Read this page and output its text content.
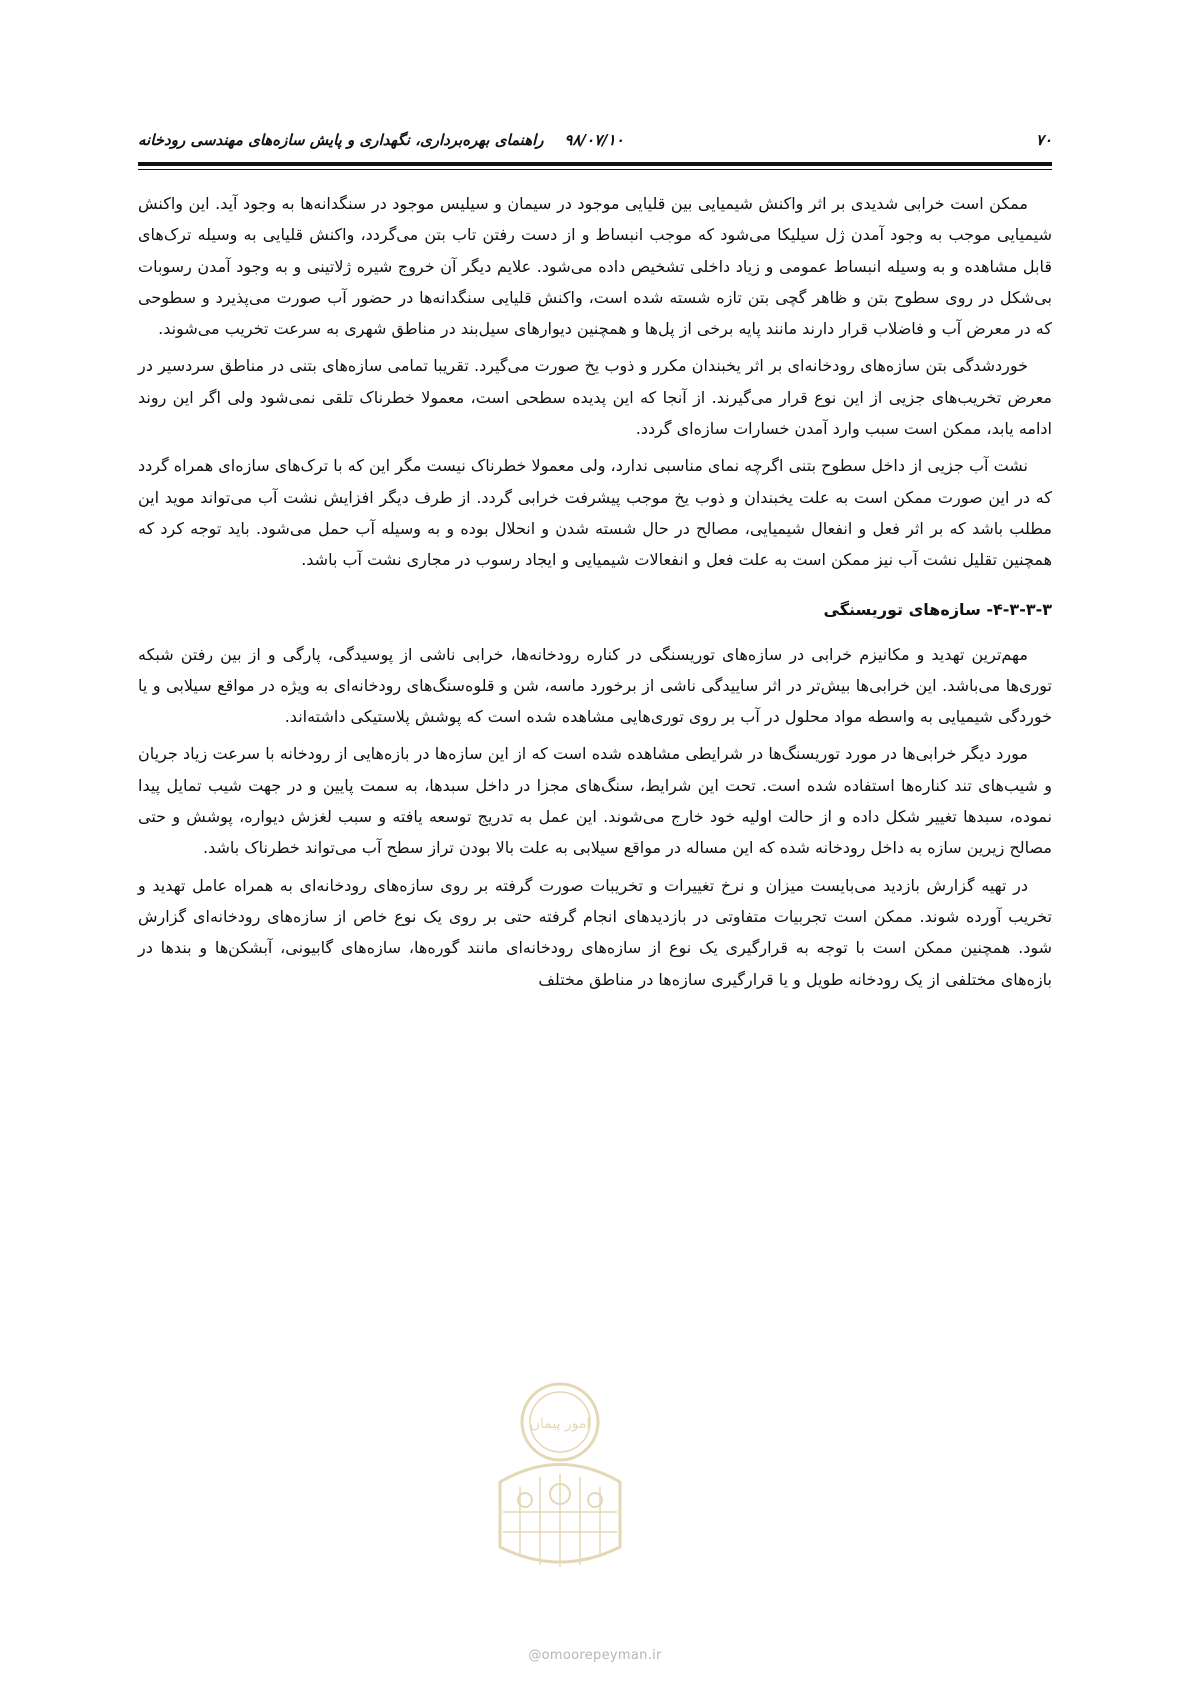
۷۰
۹۸/۰۷/۱۰    راهنمای بهره‌برداری، نگهداری و پایش سازه‌های مهندسی رودخانه

ممکن است خرابی شدیدی بر اثر واکنش شیمیایی بین قلیایی موجود در سیمان و سیلیس موجود در سنگدانه‌ها به وجود آید. این واکنش شیمیایی موجب به وجود آمدن ژل سیلیکا می‌شود که موجب انبساط و از دست رفتن تاب بتن می‌گردد، واکنش قلیایی به وسیله ترک‌های قابل مشاهده و به وسیله انبساط عمومی و زیاد داخلی تشخیص داده می‌شود. علایم دیگر آن خروج شیره ژلاتینی و به وجود آمدن رسوبات بی‌شکل در روی سطوح بتن و ظاهر گچی بتن تازه شسته شده است، واکنش قلیایی سنگدانه‌ها در حضور آب صورت می‌پذیرد و سطوحی که در معرض آب و فاضلاب قرار دارند مانند پایه برخی از پل‌ها و همچنین دیوارهای سیل‌بند در مناطق شهری به سرعت تخریب می‌شوند.

خوردشدگی بتن سازه‌های رودخانه‌ای بر اثر یخبندان مکرر و ذوب یخ صورت می‌گیرد. تقریبا تمامی سازه‌های بتنی در مناطق سردسیر در معرض تخریب‌های جزیی از این نوع قرار می‌گیرند. از آنجا که این پدیده سطحی است، معمولا خطرناک تلقی نمی‌شود ولی اگر این روند ادامه یابد، ممکن است سبب وارد آمدن خسارات سازه‌ای گردد.

نشت آب جزیی از داخل سطوح بتنی اگرچه نمای مناسبی ندارد، ولی معمولا خطرناک نیست مگر این که با ترک‌های سازه‌ای همراه گردد که در این صورت ممکن است به علت یخبندان و ذوب یخ موجب پیشرفت خرابی گردد. از طرف دیگر افزایش نشت آب می‌تواند موید این مطلب باشد که بر اثر فعل و انفعال شیمیایی، مصالح در حال شسته شدن و انحلال بوده و به وسیله آب حمل می‌شود. باید توجه کرد که همچنین تقلیل نشت آب نیز ممکن است به علت فعل و انفعالات شیمیایی و ایجاد رسوب در مجاری نشت آب باشد.

۴-۳-۳-۳- سازه‌های توریسنگی

مهم‌ترین تهدید و مکانیزم خرابی در سازه‌های توریسنگی در کناره رودخانه‌ها، خرابی ناشی از پوسیدگی، پارگی و از بین رفتن شبکه توری‌ها می‌باشد. این خرابی‌ها بیش‌تر در اثر ساییدگی ناشی از برخورد ماسه، شن و قلوه‌سنگ‌های رودخانه‌ای به ویژه در مواقع سیلابی و یا خوردگی شیمیایی به واسطه مواد محلول در آب بر روی توری‌هایی مشاهده شده است که پوشش پلاستیکی داشته‌اند.

مورد دیگر خرابی‌ها در مورد توریسنگ‌ها در شرایطی مشاهده شده است که از این سازه‌ها در بازه‌هایی از رودخانه با سرعت زیاد جریان و شیب‌های تند کناره‌ها استفاده شده است. تحت این شرایط، سنگ‌های مجزا در داخل سبدها، به سمت پایین و در جهت شیب تمایل پیدا نموده، سبدها تغییر شکل داده و از حالت اولیه خود خارج می‌شوند. این عمل به تدریج توسعه یافته و سبب لغزش دیواره، پوشش و حتی مصالح زیرین سازه به داخل رودخانه شده که این مساله در مواقع سیلابی به علت بالا بودن تراز سطح آب می‌تواند خطرناک باشد.

در تهیه گزارش بازدید می‌بایست میزان و نرخ تغییرات و تخریبات صورت گرفته بر روی سازه‌های رودخانه‌ای به همراه عامل تهدید و تخریب آورده شوند. ممکن است تجربیات متفاوتی در بازدیدهای انجام گرفته حتی بر روی یک نوع خاص از سازه‌های رودخانه‌ای گزارش شود. همچنین ممکن است با توجه به قرارگیری یک نوع از سازه‌های رودخانه‌ای مانند گوره‌ها، سازه‌های گابیونی، آبشکن‌ها و بندها در بازه‌های مختلفی از یک رودخانه طویل و یا قرارگیری سازه‌ها در مناطق مختلف

امور پیمان
@omoorepeyman.ir
